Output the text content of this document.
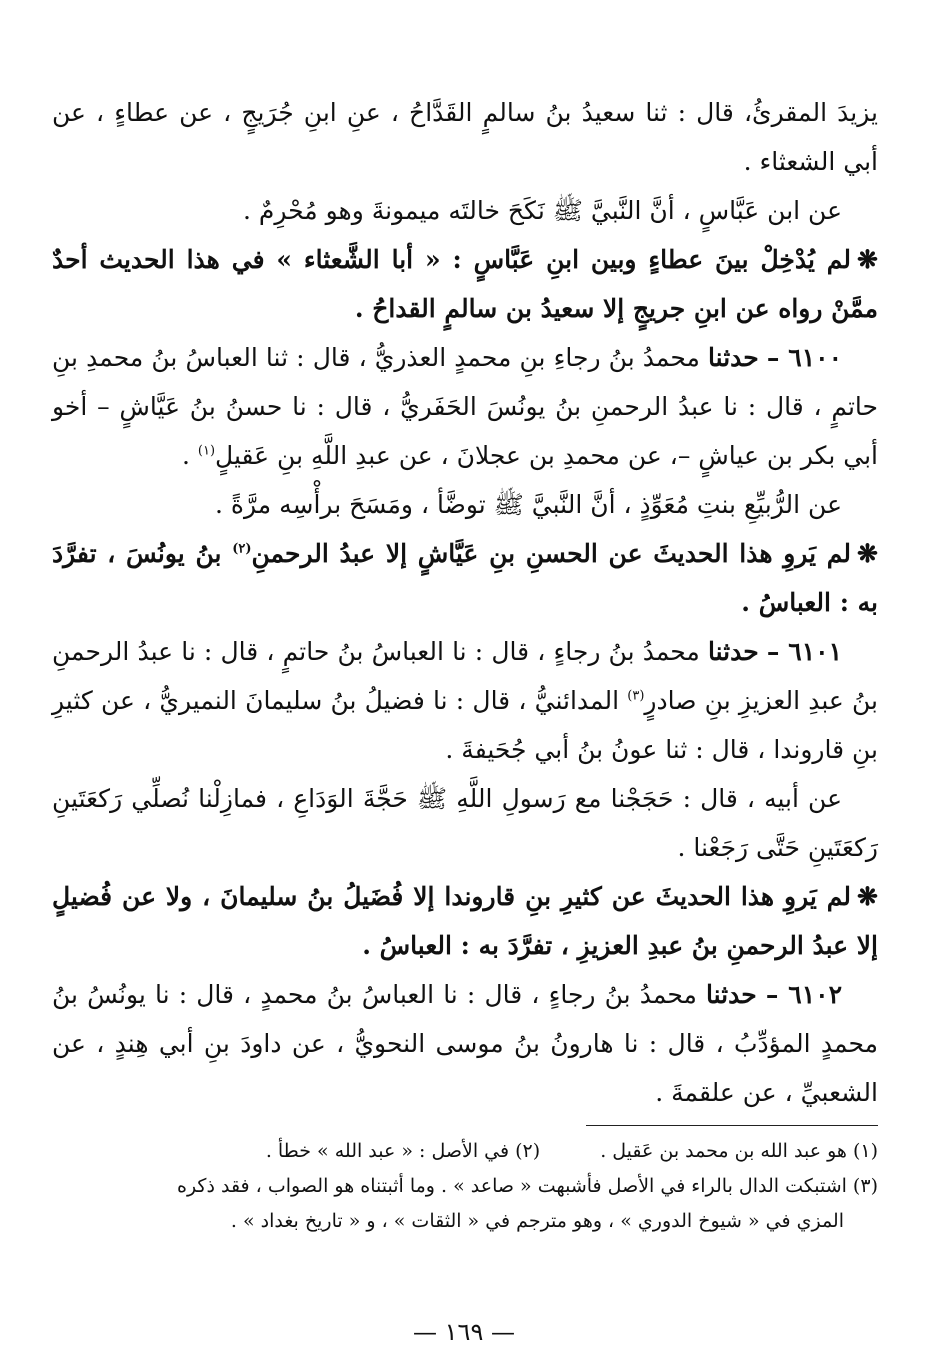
يزيدَ المقرئُ، قال : ثنا سعيدُ بنُ سالمٍ القَدَّاحُ ، عنِ ابنِ جُرَيجٍ ، عن عطاءٍ ، عن أبي الشعثاء .

عن ابن عَبَّاسٍ ، أنَّ النَّبيَّ ﷺ نَكَحَ خالتَه ميمونةَ وهو مُحْرِمٌ .

❋لم يُدْخِلْ بينَ عطاءٍ وبين ابنِ عَبَّاسٍ : « أبا الشَّعثاء » في هذا الحديث أحدٌ ممَّنْ رواه عن ابنِ جريجٍ إلا سعيدُ بن سالمٍ القداحُ .

٦١٠٠ – حدثنا محمدُ بنُ رجاءِ بنِ محمدٍ العذريُّ ، قال : ثنا العباسُ بنُ محمدِ بنِ حاتمٍ ، قال : نا عبدُ الرحمنِ بنُ يونُسَ الحَفَريُّ ، قال : نا حسنُ بنُ عَيَّاشٍ – أخو أبي بكر بن عياشٍ –، عن محمدِ بن عجلانَ ، عن عبدِ اللَّهِ بنِ عَقيلٍ$^{(١)}$ .

عن الرُّبيِّعِ بنتِ مُعَوِّذٍ ، أنَّ النَّبيَّ ﷺ توضَّأ ، ومَسَحَ برأْسِه مرَّةً .

❋لم يَروِ هذا الحديثَ عن الحسنِ بنِ عَيَّاشٍ إلا عبدُ الرحمنِ$^{(٢)}$ بنُ يونُسَ ، تفرَّدَ به : العباسُ .

٦١٠١ – حدثنا محمدُ بنُ رجاءٍ ، قال : نا العباسُ بنُ حاتمٍ ، قال : نا عبدُ الرحمنِ بنُ عبدِ العزيزِ بنِ صادرٍ$^{(٣)}$ المدائنيُّ ، قال : نا فضيلُ بنُ سليمانَ النميريُّ ، عن كثيرِ بنِ قاروندا ، قال : ثنا عونُ بنُ أبي جُحَيفةَ .

عن أبيه ، قال : حَجَجْنا مع رَسولِ اللَّهِ ﷺ حَجَّةَ الوَدَاعِ ، فمازِلْنا نُصلِّي رَكعَتَينِ رَكعَتَينِ حَتَّى رَجَعْنا .

❋لم يَروِ هذا الحديثَ عن كثيرِ بنِ قاروندا إلا فُضَيلُ بنُ سليمانَ ، ولا عن فُضيلٍ إلا عبدُ الرحمنِ بنُ عبدِ العزيزِ ، تفرَّدَ به : العباسُ .

٦١٠٢ – حدثنا محمدُ بنُ رجاءٍ ، قال : نا العباسُ بنُ محمدٍ ، قال : نا يونُسُ بنُ محمدٍ المؤدِّبُ ، قال : نا هارونُ بنُ موسى النحويُّ ، عن داودَ بنِ أبي هِندٍ ، عن الشعبيِّ ، عن علقمةَ .

(١) هو عبد الله بن محمد بن عَقيل .
(٢) في الأصل : « عبد الله » خطأ .

(٣) اشتبكت الدال بالراء في الأصل فأشبهت « صاعد » . وما أثبتناه هو الصواب ، فقد ذكره

المزي في « شيوخ الدوري » ، وهو مترجم في « الثقات » ، و « تاريخ بغداد » .

— ١٦٩ —
